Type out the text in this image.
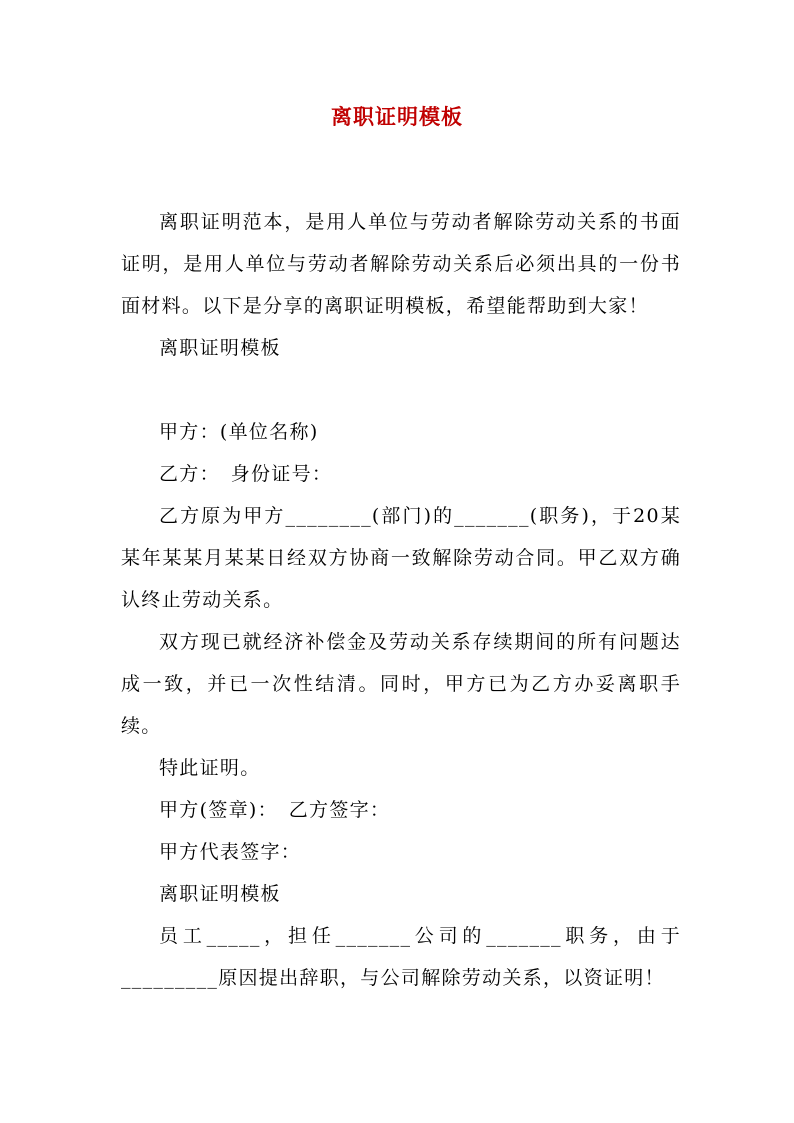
离职证明模板

离职证明范本，是用人单位与劳动者解除劳动关系的书面证明，是用人单位与劳动者解除劳动关系后必须出具的一份书面材料。以下是分享的离职证明模板，希望能帮助到大家！

离职证明模板

甲方：(单位名称)

乙方：　身份证号：

乙方原为甲方________(部门)的_______(职务)，于20某某年某某月某某日经双方协商一致解除劳动合同。甲乙双方确认终止劳动关系。

双方现已就经济补偿金及劳动关系存续期间的所有问题达成一致，并已一次性结清。同时，甲方已为乙方办妥离职手续。

特此证明。

甲方(签章)：　乙方签字：

甲方代表签字：

离职证明模板

员工_____，担任_______公司的_______职务，由于_________原因提出辞职，与公司解除劳动关系，以资证明！
